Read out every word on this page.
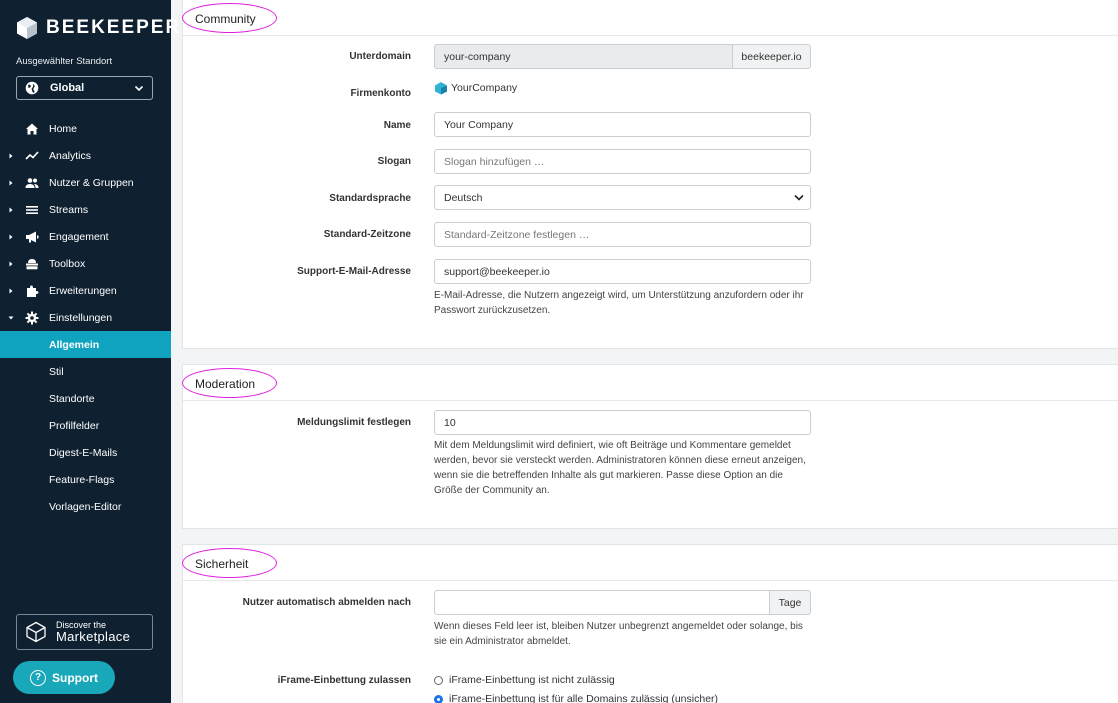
BEEKEEPER
Ausgewählter Standort
Global
Home
Analytics
Nutzer & Gruppen
Streams
Engagement
Toolbox
Erweiterungen
Einstellungen
Allgemein
Stil
Standorte
Profilfelder
Digest-E-Mails
Feature-Flags
Vorlagen-Editor
Discover the
Marketplace
? Support
Community
Unterdomain	your-company	beekeeper.io
Firmenkonto	YourCompany
Name	Your Company
Slogan	Slogan hinzufügen …
Standardsprache	Deutsch
Standard-Zeitzone	Standard-Zeitzone festlegen …
Support-E-Mail-Adresse	support@beekeeper.io
E-Mail-Adresse, die Nutzern angezeigt wird, um Unterstützung anzufordern oder ihr Passwort zurückzusetzen.
Moderation
Meldungslimit festlegen	10
Mit dem Meldungslimit wird definiert, wie oft Beiträge und Kommentare gemeldet werden, bevor sie versteckt werden. Administratoren können diese erneut anzeigen, wenn sie die betreffenden Inhalte als gut markieren. Passe diese Option an die Größe der Community an.
Sicherheit
Nutzer automatisch abmelden nach	Tage
Wenn dieses Feld leer ist, bleiben Nutzer unbegrenzt angemeldet oder solange, bis sie ein Administrator abmeldet.
iFrame-Einbettung zulassen	iFrame-Einbettung ist nicht zulässig
iFrame-Einbettung ist für alle Domains zulässig (unsicher)
